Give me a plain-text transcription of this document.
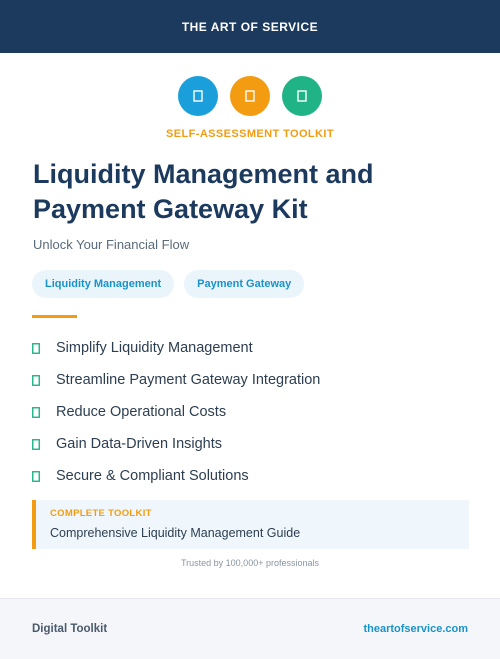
THE ART OF SERVICE
SELF-ASSESSMENT TOOLKIT
Liquidity Management and
Payment Gateway Kit
Unlock Your Financial Flow
Liquidity Management	Payment Gateway
Simplify Liquidity Management
Streamline Payment Gateway Integration
Reduce Operational Costs
Gain Data-Driven Insights
Secure & Compliant Solutions
COMPLETE TOOLKIT
Comprehensive Liquidity Management Guide
Trusted by 100,000+ professionals
Digital Toolkit	theartofservice.com
